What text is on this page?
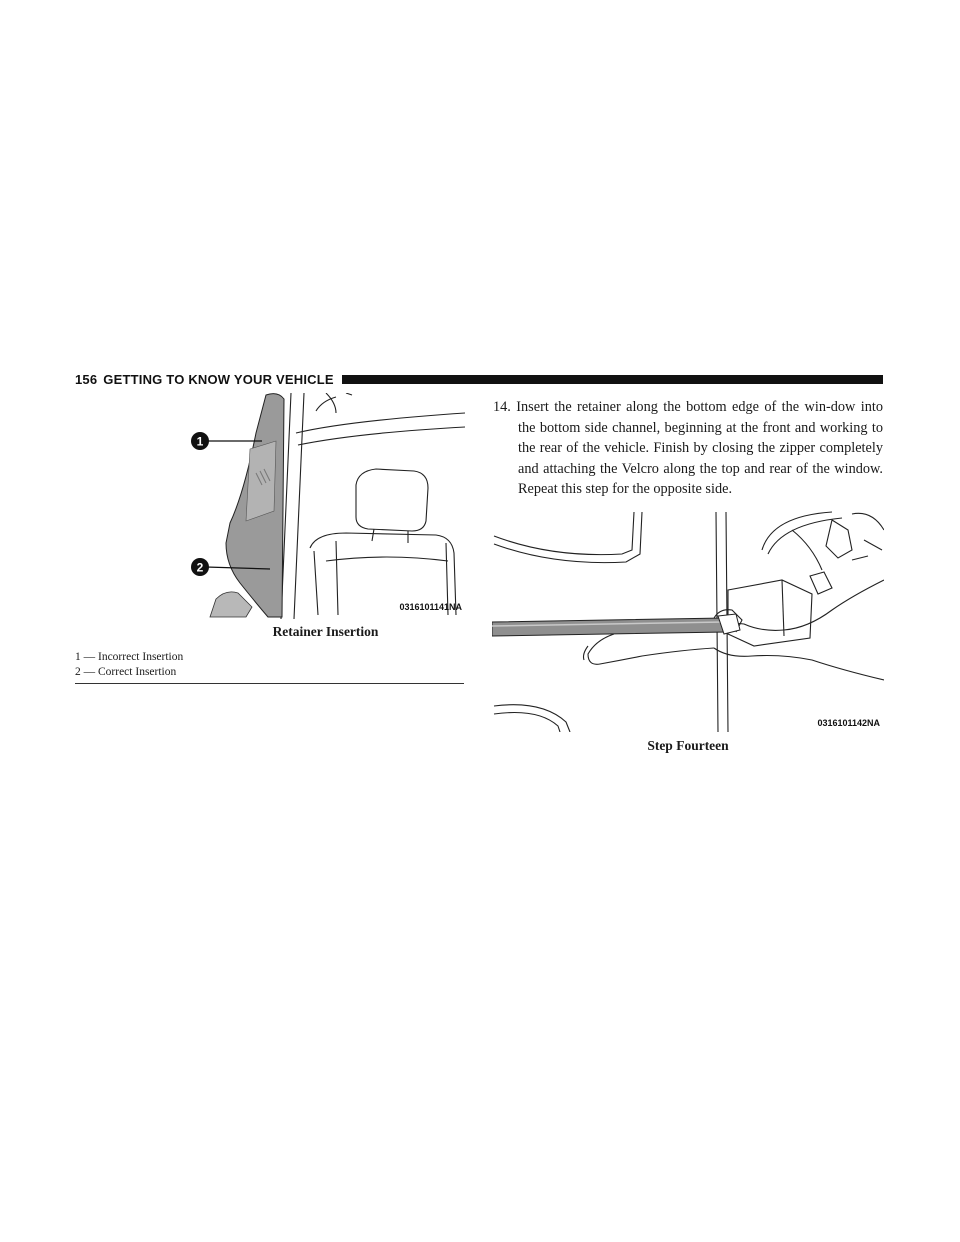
156 GETTING TO KNOW YOUR VEHICLE
1
2
0316101141NA
Retainer Insertion
1 — Incorrect Insertion
2 — Correct Insertion
14. Insert the retainer along the bottom edge of the win-dow into the bottom side channel, beginning at the front and working to the rear of the vehicle. Finish by closing the zipper completely and attaching the Velcro along the top and rear of the window. Repeat this step for the opposite side.
0316101142NA
Step Fourteen
